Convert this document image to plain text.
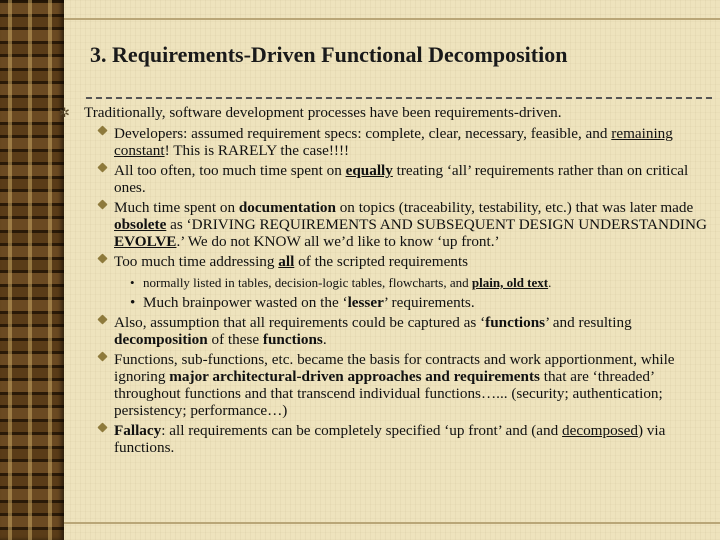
3. Requirements-Driven Functional Decomposition
✲ Traditionally, software development processes have been requirements-driven.
Developers: assumed requirement specs: complete, clear, necessary, feasible, and remaining constant! This is RARELY the case!!!!
All too often, too much time spent on equally treating ‘all’ requirements rather than on critical ones.
Much time spent on documentation on topics (traceability, testability, etc.) that was later made obsolete as ‘DRIVING REQUIREMENTS AND SUBSEQUENT DESIGN UNDERSTANDING EVOLVE.’ We do not KNOW all we’d like to know ‘up front.’
Too much time addressing all of the scripted requirements
• normally listed in tables, decision-logic tables, flowcharts, and plain, old text.
• Much brainpower wasted on the ‘lesser’ requirements.
Also, assumption that all requirements could be captured as ‘functions’ and resulting decomposition of these functions.
Functions, sub-functions, etc. became the basis for contracts and work apportionment, while ignoring major architectural-driven approaches and requirements that are ‘threaded’ throughout functions and that transcend individual functions…... (security; authentication; persistency; performance…)
Fallacy: all requirements can be completely specified ‘up front’ and (and decomposed) via functions.
